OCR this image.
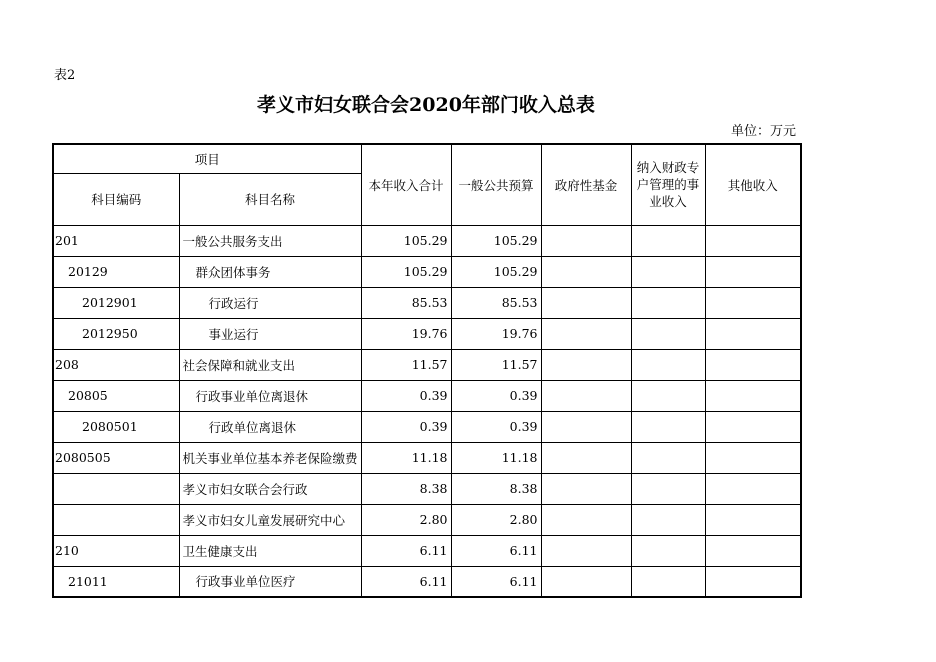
表2
孝义市妇女联合会2020年部门收入总表
单位：万元
项目		本年收入合计	一般公共预算	政府性基金	纳入财政专户管理的事业收入	其他收入
科目编码	科目名称					
201	一般公共服务支出	105.29	105.29			
20129	群众团体事务	105.29	105.29			
2012901	行政运行	85.53	85.53			
2012950	事业运行	19.76	19.76			
208	社会保障和就业支出	11.57	11.57			
20805	行政事业单位离退休	0.39	0.39			
2080501	行政单位离退休	0.39	0.39			
2080505	机关事业单位基本养老保险缴费	11.18	11.18			
	孝义市妇女联合会行政	8.38	8.38			
	孝义市妇女儿童发展研究中心	2.80	2.80			
210	卫生健康支出	6.11	6.11			
21011	行政事业单位医疗	6.11	6.11			
